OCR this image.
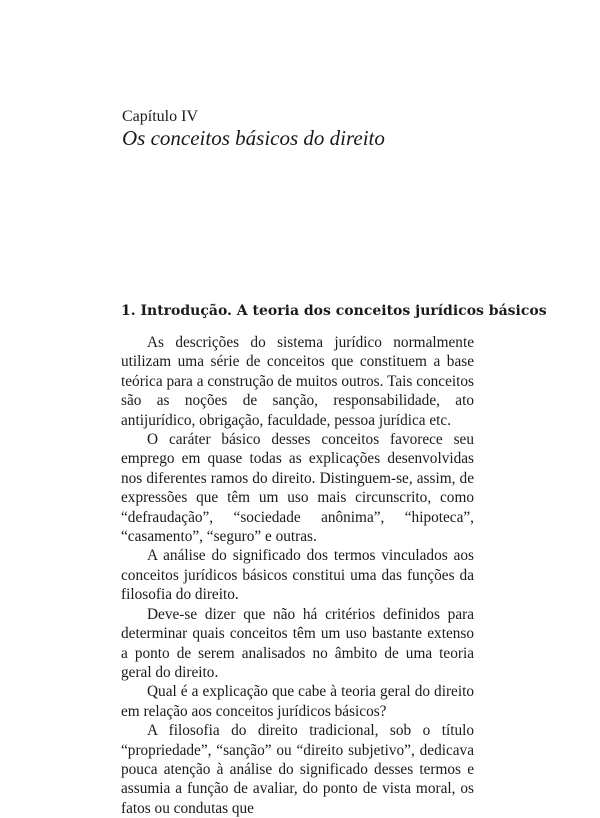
Capítulo IV
Os conceitos básicos do direito
1. Introdução. A teoria dos conceitos jurídicos básicos

As descrições do sistema jurídico normalmente utilizam uma série de conceitos que constituem a base teórica para a construção de muitos outros. Tais conceitos são as noções de sanção, responsabilidade, ato antijurídico, obrigação, faculdade, pessoa jurídica etc.

O caráter básico desses conceitos favorece seu emprego em quase todas as explicações desenvolvidas nos diferentes ramos do direito. Distinguem-se, assim, de expressões que têm um uso mais circunscrito, como “defraudação”, “sociedade anônima”, “hipoteca”, “casamento”, “seguro” e outras.

A análise do significado dos termos vinculados aos conceitos jurídicos básicos constitui uma das funções da filosofia do direito.

Deve-se dizer que não há critérios definidos para determinar quais conceitos têm um uso bastante extenso a ponto de serem analisados no âmbito de uma teoria geral do direito.

Qual é a explicação que cabe à teoria geral do direito em relação aos conceitos jurídicos básicos?

A filosofia do direito tradicional, sob o título “propriedade”, “sanção” ou “direito subjetivo”, dedicava pouca atenção à análise do significado desses termos e assumia a função de avaliar, do ponto de vista moral, os fatos ou condutas que
